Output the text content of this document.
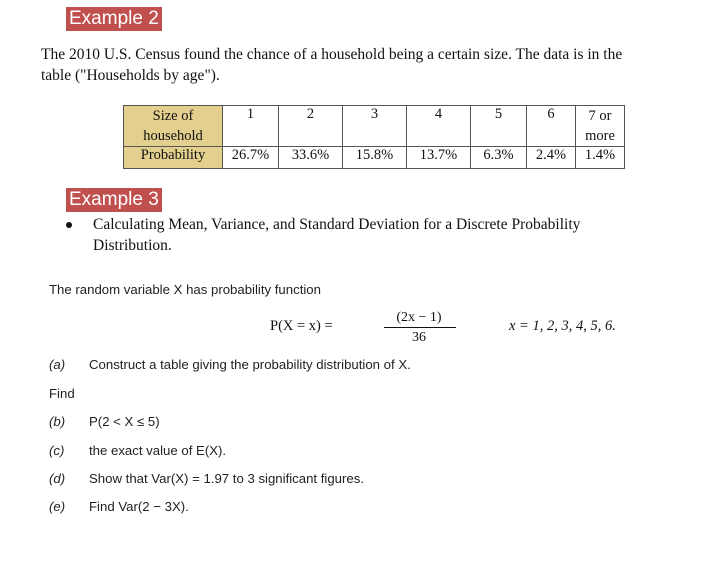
Example 2
The 2010 U.S. Census found the chance of a household being a certain size. The data is in the
table ("Households by age").
Size of household	1	2	3	4	5	6	7 or more
Probability	26.7%	33.6%	15.8%	13.7%	6.3%	2.4%	1.4%
Example 3
Calculating Mean, Variance, and Standard Deviation for a Discrete Probability
Distribution.
The random variable X has probability function
P(X = x) =
(2x − 1)
36
x = 1, 2, 3, 4, 5, 6.
(a) Construct a table giving the probability distribution of X.
Find
(b) P(2 < X ≤ 5)
(c) the exact value of E(X).
(d) Show that Var(X) = 1.97 to 3 significant figures.
(e) Find Var(2 − 3X).
